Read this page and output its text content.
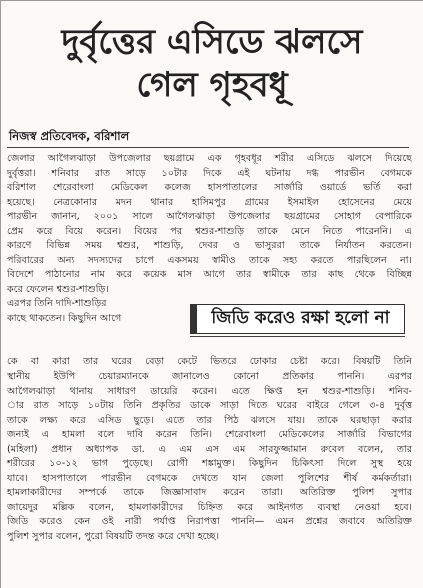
দুর্বৃত্তের এসিডে ঝলসে
গেল গৃহবধূ
নিজস্ব প্রতিবেদক, বরিশাল

জেলার আগৈলঝাড়া উপজেলার ছয়গ্রামে এক গৃহবধূর শরীর এসিডে ঝলসে দিয়েছে
দুর্বৃত্তরা। শনিবার রাত সাড়ে ১০টার দিকে এই ঘটনায় দগ্ধ পারভীন বেগমকে
বরিশাল শেরেবাংলা মেডিকেল কলেজ হাসপাতালের সার্জারি ওয়ার্ডে ভর্তি করা
হয়েছে। নেত্রকোনার মদন থানার হাসিমপুর গ্রামের ইসমাইল হোসেনের মেয়ে
পারভীন জানান, ২০০১ সালে আগৈলঝাড়া উপজেলার ছয়গ্রামের সোহাগ বেপারিকে
প্রেম করে বিয়ে করেন। বিয়ের পর শ্বশুর-শাশুড়ি তাকে মেনে নিতে পারেননি। এ
কারণে বিভিন্ন সময় শ্বশুর, শাশুড়ি, দেবর ও ভাসুররা তাকে নির্যাতন করতেন।
পরিবারের অন্য সদস্যদের চাপে একসময় স্বামীও তাকে সহ্য করতে পারছিলেন না।
বিদেশে পাঠানোর নাম করে কয়েক মাস আগে তার স্বামীকে তার কাছ থেকে বিচ্ছিন্ন
করে ফেলেন শ্বশুর-শাশুড়ি।

এরপর তিনি দাদি-শাশুড়ির
কাছে থাকতেন। কিছুদিন আগে	জিডি করেও রক্ষা হলো না

কে বা কারা তার ঘরের বেড়া কেটে ভিতরে ঢোকার চেষ্টা করে। বিষয়টি তিনি
স্থানীয় ইউপি চেয়ারম্যানকে জানালেও কোনো প্রতিকার পাননি। এরপর
আগৈলঝাড়া থানায় সাধারণ ডায়েরি করেন। এতে ক্ষিপ্ত হন শ্বশুর-শাশুড়ি। শনিব-
ার রাত সাড়ে ১০টায় তিনি প্রকৃতির ডাকে সাড়া দিতে ঘরের বাইরে গেলে ৩-৪ দুর্বৃত্ত
তাকে লক্ষ্য করে এসিড ছুড়ে। এতে তার পিঠ ঝলসে যায়। তাকে ঘরছাড়া করার
জন্যই এ হামলা বলে দাবি করেন তিনি। শেরেবাংলা মেডিকেলের সার্জারি বিভাগের
(মহিলা) প্রধান অধ্যাপক ডা. এ এম এস এম সারফুজ্জামান রুবেল বলেন, তার
শরীরের ১০-১২ ভাগ পুড়েছে। রোগী শঙ্কামুক্ত। কিছুদিন চিকিৎসা দিলে সুস্থ হয়ে
যাবে। হাসপাতালে পারভীন বেগমকে দেখতে যান জেলা পুলিশের শীর্ষ কর্মকর্তারা।
হামলাকারীদের সম্পর্কে তাকে জিজ্ঞাসাবাদ করেন তারা। অতিরিক্ত পুলিশ সুপার
জায়েদুর মল্লিক বলেন, হামলাকারীদের চিহ্নিত করে আইনগত ব্যবস্থা নেওয়া হবে।
জিডি করেও কেন ওই নারী পর্যাপ্ত নিরাপত্তা পাননি— এমন প্রশ্নের জবাবে অতিরিক্ত
পুলিশ সুপার বলেন, পুরো বিষয়টি তদন্ত করে দেখা হচ্ছে।
